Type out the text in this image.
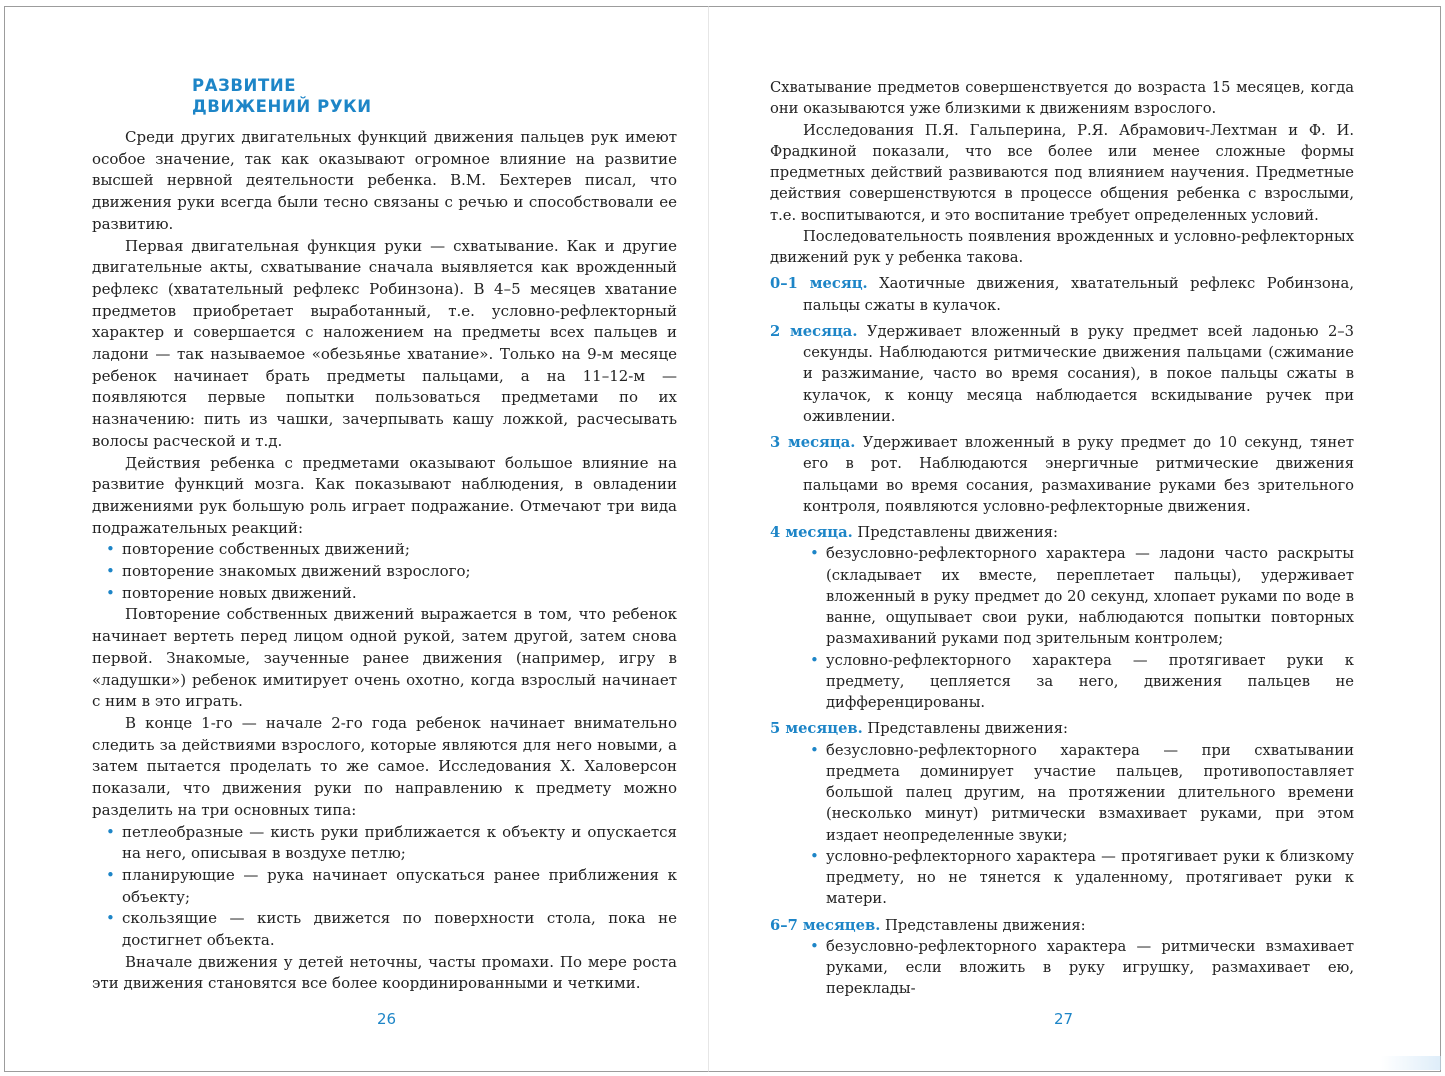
РАЗВИТИЕ
ДВИЖЕНИЙ РУКИ

Среди других двигательных функций движения пальцев рук имеют особое значение, так как оказывают огромное влияние на развитие высшей нервной деятельности ребенка. В.М. Бехтерев писал, что движения руки всегда были тесно связаны с речью и способствовали ее развитию.

Первая двигательная функция руки — схватывание. Как и другие двигательные акты, схватывание сначала выявляется как врожденный рефлекс (хватательный рефлекс Робинзона). В 4–5 месяцев хватание предметов приобретает выработанный, т.е. условно-рефлекторный характер и совершается с наложением на предметы всех пальцев и ладони — так называемое «обезьянье хватание». Только на 9-м месяце ребенок начинает брать предметы пальцами, а на 11–12-м — появляются первые попытки пользоваться предметами по их назначению: пить из чашки, зачерпывать кашу ложкой, расчесывать волосы расческой и т.д.

Действия ребенка с предметами оказывают большое влияние на развитие функций мозга. Как показывают наблюдения, в овладении движениями рук большую роль играет подражание. Отмечают три вида подражательных реакций:

• повторение собственных движений;
• повторение знакомых движений взрослого;
• повторение новых движений.

Повторение собственных движений выражается в том, что ребенок начинает вертеть перед лицом одной рукой, затем другой, затем снова первой. Знакомые, заученные ранее движения (например, игру в «ладушки») ребенок имитирует очень охотно, когда взрослый начинает с ним в это играть.

В конце 1-го — начале 2-го года ребенок начинает внимательно следить за действиями взрослого, которые являются для него новыми, а затем пытается проделать то же самое. Исследования Х. Халоверсон показали, что движения руки по направлению к предмету можно разделить на три основных типа:

• петлеобразные — кисть руки приближается к объекту и опускается на него, описывая в воздухе петлю;
• планирующие — рука начинает опускаться ранее приближения к объекту;
• скользящие — кисть движется по поверхности стола, пока не достигнет объекта.

Вначале движения у детей неточны, часты промахи. По мере роста эти движения становятся все более координированными и четкими.

26

Схватывание предметов совершенствуется до возраста 15 месяцев, когда они оказываются уже близкими к движениям взрослого.

Исследования П.Я. Гальперина, Р.Я. Абрамович-Лехтман и Ф. И. Фрадкиной показали, что все более или менее сложные формы предметных действий развиваются под влиянием научения. Предметные действия совершенствуются в процессе общения ребенка с взрослыми, т.е. воспитываются, и это воспитание требует определенных условий.

Последовательность появления врожденных и условно-рефлекторных движений рук у ребенка такова.

0–1 месяц. Хаотичные движения, хватательный рефлекс Робинзона, пальцы сжаты в кулачок.
2 месяца. Удерживает вложенный в руку предмет всей ладонью 2–3 секунды. Наблюдаются ритмические движения пальцами (сжимание и разжимание, часто во время сосания), в покое пальцы сжаты в кулачок, к концу месяца наблюдается вскидывание ручек при оживлении.
3 месяца. Удерживает вложенный в руку предмет до 10 секунд, тянет его в рот. Наблюдаются энергичные ритмические движения пальцами во время сосания, размахивание руками без зрительного контроля, появляются условно-рефлекторные движения.
4 месяца. Представлены движения:
• безусловно-рефлекторного характера — ладони часто раскрыты (складывает их вместе, переплетает пальцы), удерживает вложенный в руку предмет до 20 секунд, хлопает руками по воде в ванне, ощупывает свои руки, наблюдаются попытки повторных размахиваний руками под зрительным контролем;
• условно-рефлекторного характера — протягивает руки к предмету, цепляется за него, движения пальцев не дифференцированы.
5 месяцев. Представлены движения:
• безусловно-рефлекторного характера — при схватывании предмета доминирует участие пальцев, противопоставляет большой палец другим, на протяжении длительного времени (несколько минут) ритмически взмахивает руками, при этом издает неопределенные звуки;
• условно-рефлекторного характера — протягивает руки к близкому предмету, но не тянется к удаленному, протягивает руки к матери.
6–7 месяцев. Представлены движения:
• безусловно-рефлекторного характера — ритмически взмахивает руками, если вложить в руку игрушку, размахивает ею, переклады-
27
